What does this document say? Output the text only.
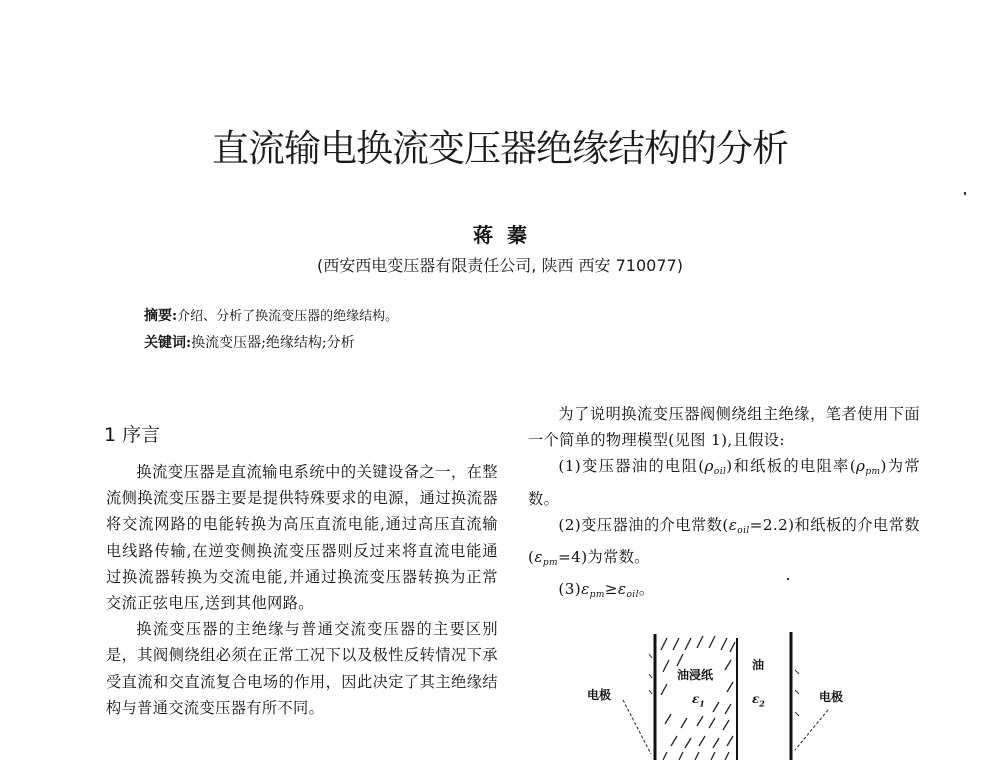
直流输电换流变压器绝缘结构的分析
蒋蓁
(西安西电变压器有限责任公司, 陕西 西安 710077)
摘要:介绍、分析了换流变压器的绝缘结构。
关键词:换流变压器;绝缘结构;分析
1 序言

换流变压器是直流输电系统中的关键设备之一，在整流侧换流变压器主要是提供特殊要求的电源，通过换流器将交流网路的电能转换为高压直流电能,通过高压直流输电线路传输,在逆变侧换流变压器则反过来将直流电能通过换流器转换为交流电能,并通过换流变压器转换为正常交流正弦电压,送到其他网路。

换流变压器的主绝缘与普通交流变压器的主要区别是，其阀侧绕组必须在正常工况下以及极性反转情况下承受直流和交直流复合电场的作用，因此决定了其主绝缘结构与普通交流变压器有所不同。

为了说明换流变压器阀侧绕组主绝缘，笔者使用下面一个简单的物理模型(见图 1),且假设:

(1)变压器油的电阻$(\rho_{oil})$和纸板的电阻率$(\rho_{pm})$为常数。

(2)变压器油的介电常数$(\varepsilon_{oil}=2.2)$和纸板的介电常数$(\varepsilon_{pm}=4)$为常数。

$(3)\varepsilon_{pm}\ge\varepsilon_{oil}$。

油浸纸
$\varepsilon_1$
油
$\varepsilon_2$
电极	电极
